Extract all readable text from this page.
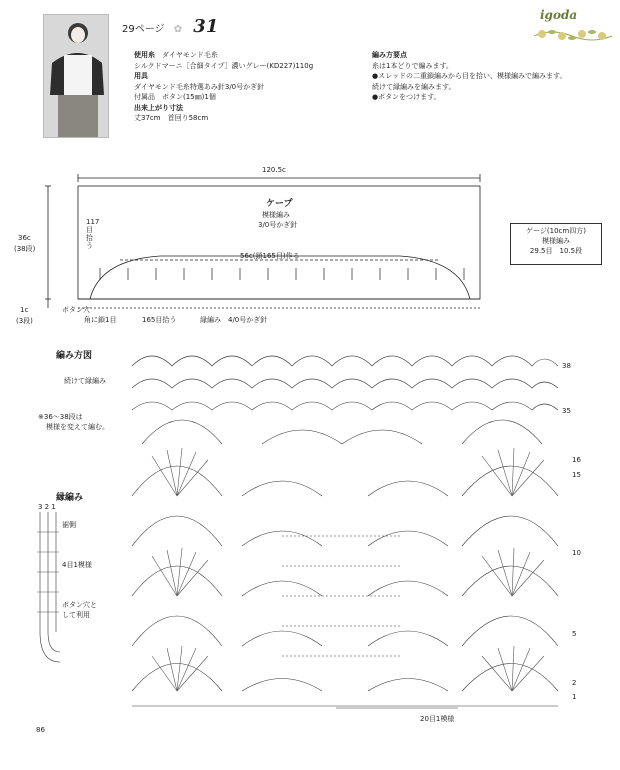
29ページ ✿ 31
igoda
使用糸　 ダイヤモンド毛糸
シルクドマーニ［合細タイプ］濃いグレー(KD227)110g
用具
ダイヤモンド毛糸特選あみ針3/0号かぎ針
付属品　ボタン(15㎜)1個
出来上がり寸法
丈37cm　首回り58cm
編み方要点
糸は1本どりで編みます。
●スレッドの二重鎖編みから目を拾い、模様編みで編みます。
続けて縁編みを編みます。
●ボタンをつけます。
120.5c
ケープ
模様編み
3/0号かぎ針
36c
(38段)
117目拾う
56c(鎖165目)作る
1c
(3段)
ボタン穴
角に鎖1目	165目拾う	縁編み 4/0号かぎ針
ゲージ(10cm四方)
模様編み
29.5目　10.5段
編み方図
続けて縁編み
※36〜38段は
模様を変えて編む。
38
35
16
15
10
5
2
1
20目1模様
縁編み
3 2 1
裾側
4目1模様
ボタン穴と
して利用
86
